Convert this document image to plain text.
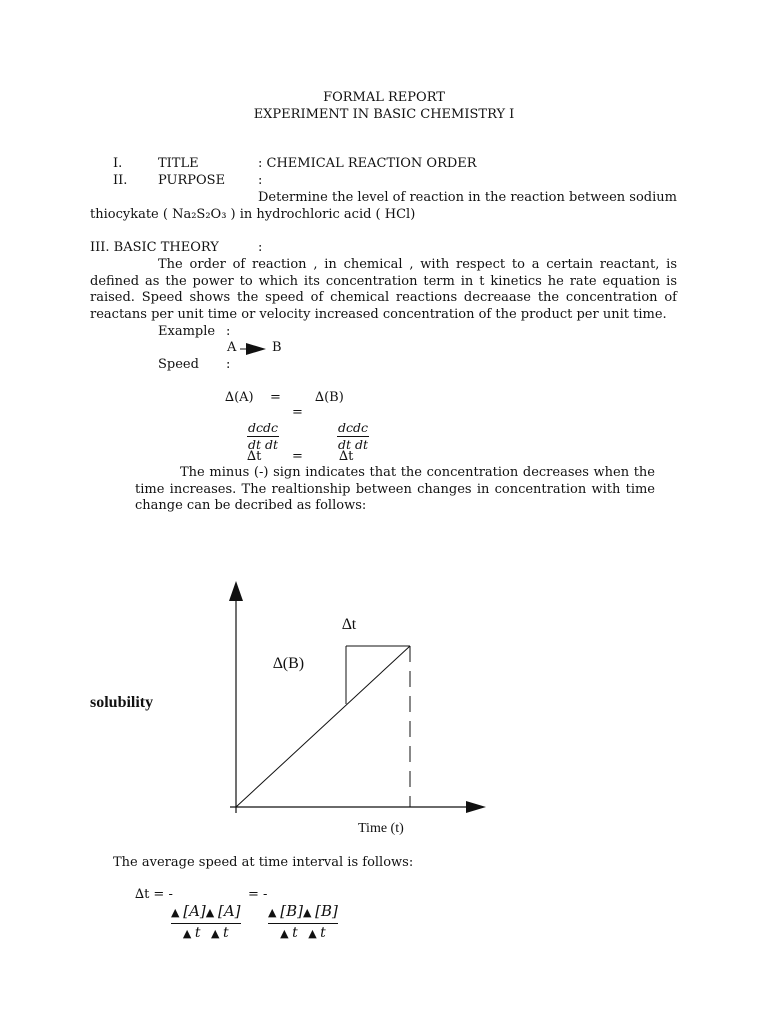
FORMAL REPORT
EXPERIMENT IN BASIC CHEMISTRY I
I.	TITLE	: CHEMICAL REACTION ORDER
II. PURPOSE	:
Determine the level of reaction in the reaction between sodium thiocykate ( Na₂S₂O₃ ) in hydrochloric acid ( HCl)
III. BASIC THEORY	:
The order of reaction , in chemical , with respect to a certain reactant, is defined as the power to which its concentration term in t kinetics he rate equation is raised. Speed shows the speed of chemical reactions decreaase the concentration of reactans per unit time or velocity increased concentration of the product per unit time.
Example :
A	B
Speed :
∆(A) =	∆(B)
=
dcdc
dt dt
dcdc
dt dt
∆t =	∆t
The minus (-) sign indicates that the concentration decreases when the time increases. The realtionship between changes in concentration with time change can be decribed as follows:
∆t
∆(B)
solubility
Time (t)
The average speed at time interval is follows:
∆t = -	= -
$\frac{▲ [A]▲ [A]}{▲ t ▲ t} \frac{▲ [B]▲ [B]}{▲ t ▲ t}$
